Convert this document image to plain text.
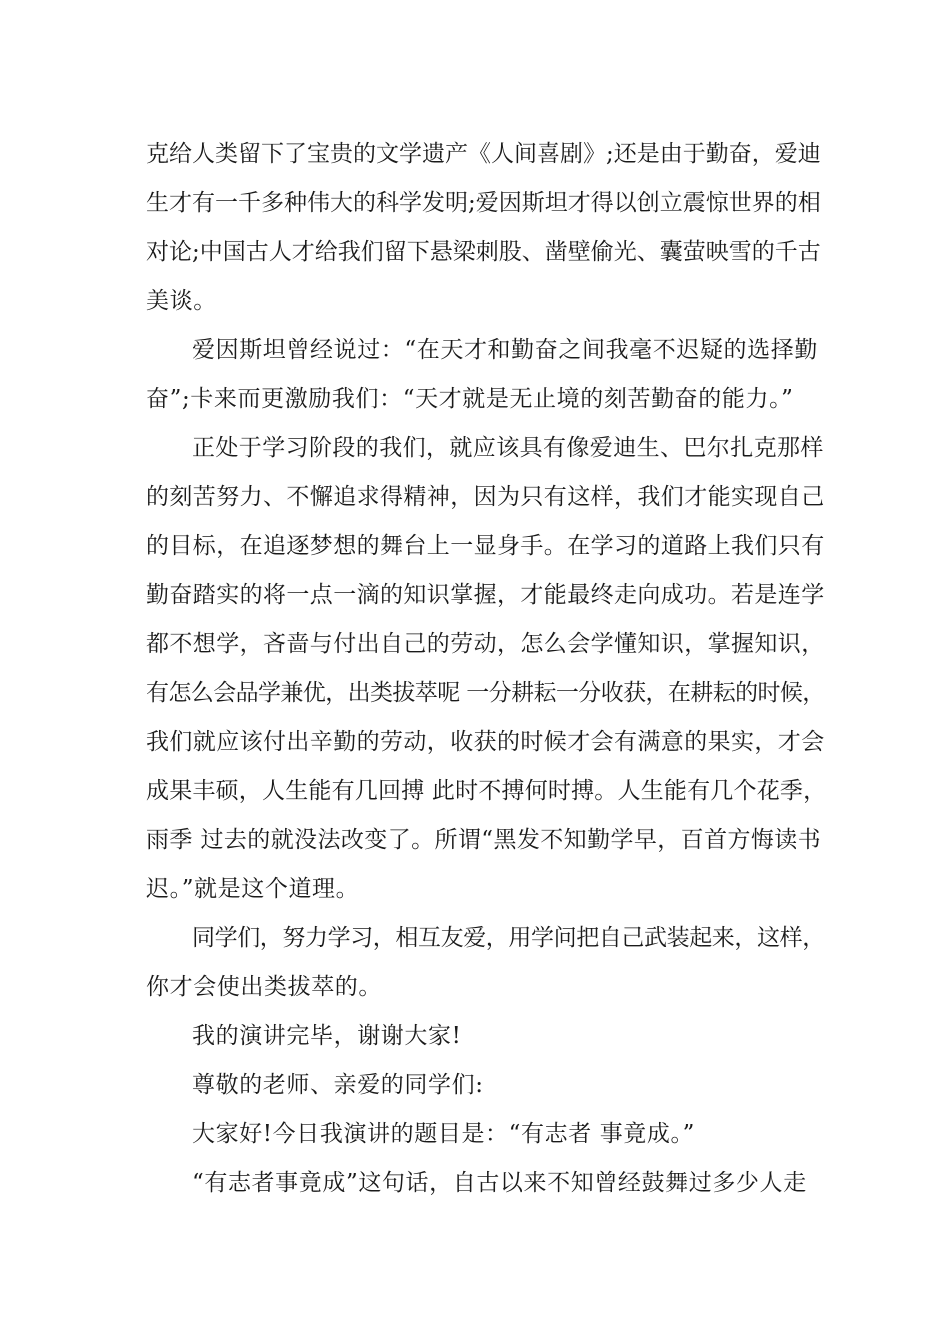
克给人类留下了宝贵的文学遗产《人间喜剧》;还是由于勤奋，爱迪
生才有一千多种伟大的科学发明;爱因斯坦才得以创立震惊世界的相
对论;中国古人才给我们留下悬梁刺股、凿壁偷光、囊萤映雪的千古
美谈。
爱因斯坦曾经说过：“在天才和勤奋之间我毫不迟疑的选择勤
奋”;卡来而更激励我们：“天才就是无止境的刻苦勤奋的能力。”
正处于学习阶段的我们，就应该具有像爱迪生、巴尔扎克那样
的刻苦努力、不懈追求得精神，因为只有这样，我们才能实现自己
的目标，在追逐梦想的舞台上一显身手。在学习的道路上我们只有
勤奋踏实的将一点一滴的知识掌握，才能最终走向成功。若是连学
都不想学，吝啬与付出自己的劳动，怎么会学懂知识，掌握知识，
有怎么会品学兼优，出类拔萃呢 一分耕耘一分收获，在耕耘的时候，
我们就应该付出辛勤的劳动，收获的时候才会有满意的果实，才会
成果丰硕，人生能有几回搏 此时不搏何时搏。人生能有几个花季，
雨季 过去的就没法改变了。所谓“黑发不知勤学早，百首方悔读书
迟。”就是这个道理。
同学们，努力学习，相互友爱，用学问把自己武装起来，这样，
你才会使出类拔萃的。
我的演讲完毕，谢谢大家!
尊敬的老师、亲爱的同学们:
大家好!今日我演讲的题目是：“有志者 事竟成。”
“有志者事竟成”这句话，自古以来不知曾经鼓舞过多少人走
